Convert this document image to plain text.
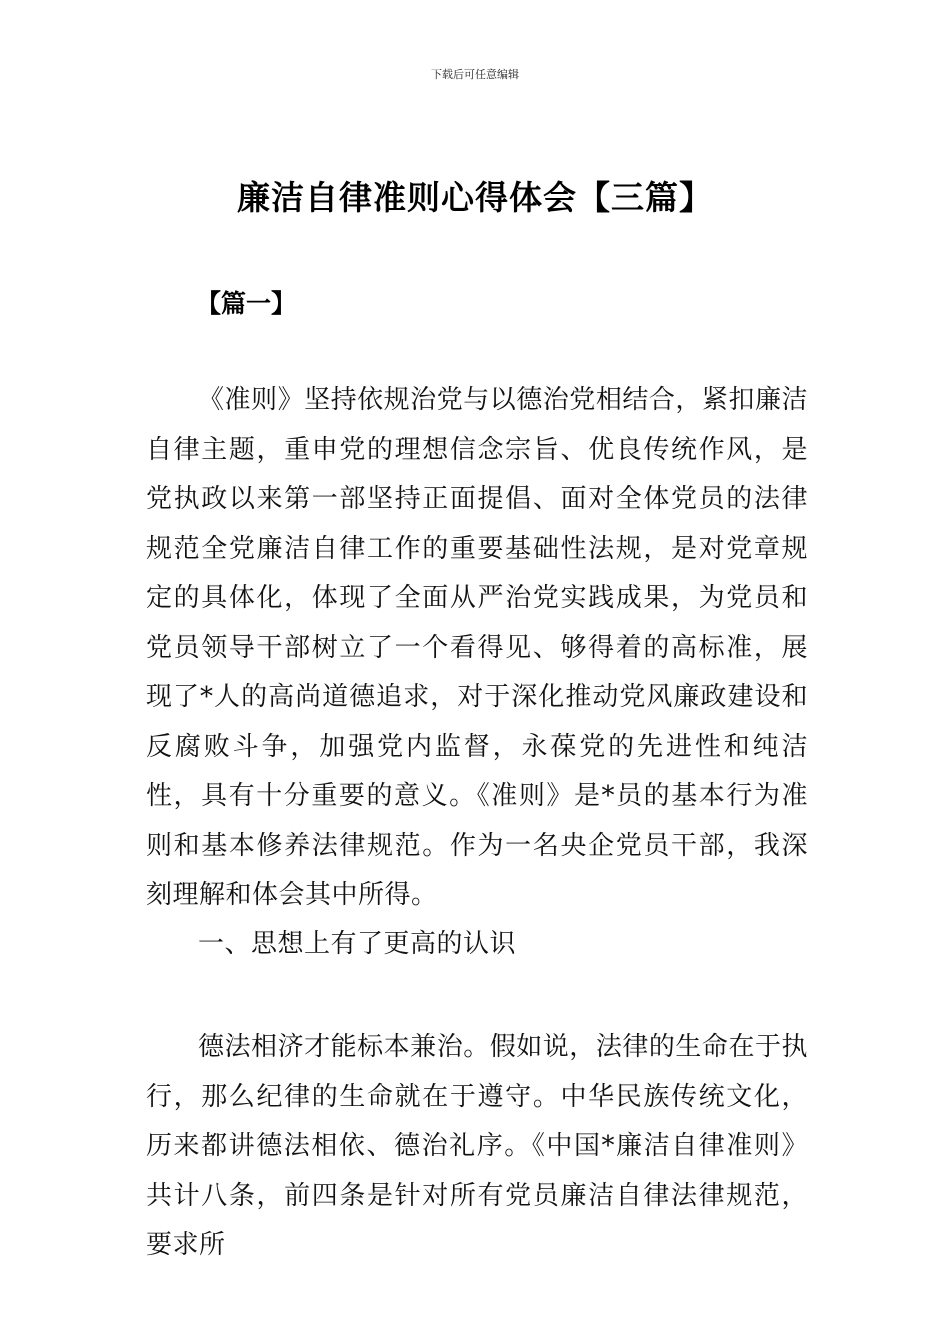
下载后可任意编辑
廉洁自律准则心得体会【三篇】
【篇一】

《准则》坚持依规治党与以德治党相结合，紧扣廉洁自律主题，重申党的理想信念宗旨、优良传统作风，是党执政以来第一部坚持正面提倡、面对全体党员的法律规范全党廉洁自律工作的重要基础性法规，是对党章规定的具体化，体现了全面从严治党实践成果，为党员和党员领导干部树立了一个看得见、够得着的高标准，展现了*人的高尚道德追求，对于深化推动党风廉政建设和反腐败斗争，加强党内监督，永葆党的先进性和纯洁性，具有十分重要的意义。《准则》是*员的基本行为准则和基本修养法律规范。作为一名央企党员干部，我深刻理解和体会其中所得。

一、思想上有了更高的认识

德法相济才能标本兼治。假如说，法律的生命在于执行，那么纪律的生命就在于遵守。中华民族传统文化，历来都讲德法相依、德治礼序。《中国*廉洁自律准则》共计八条，前四条是针对所有党员廉洁自律法律规范，要求所
